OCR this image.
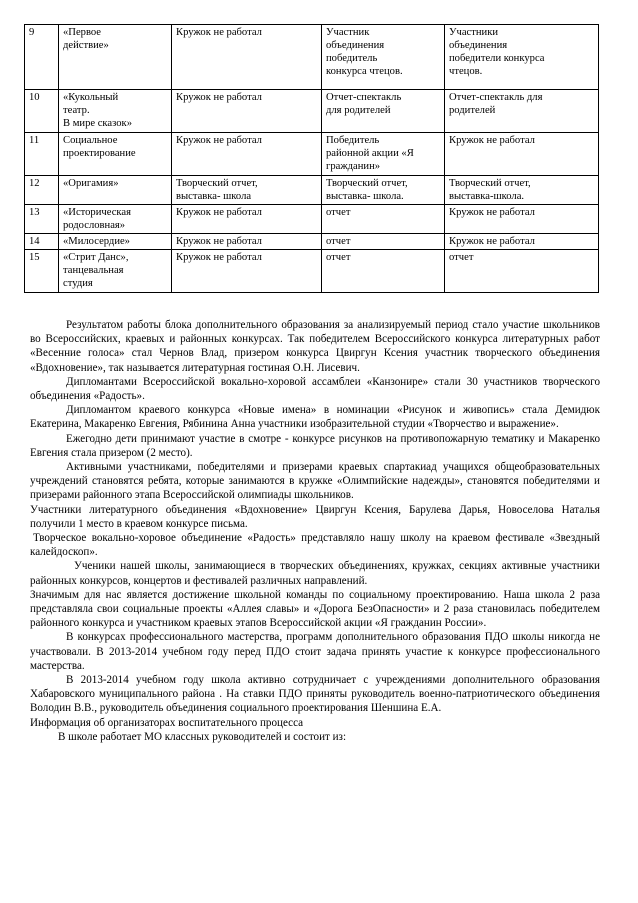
9	«Первое
действие»	Кружок не работал	Участник
объединения
победитель
конкурса чтецов.	Участники
объединения
победители конкурса
чтецов.
10	«Кукольный
театр.
В мире сказок»	Кружок не работал	Отчет-спектакль
для родителей	Отчет-спектакль для
родителей
11	Социальное
проектирование	Кружок не работал	Победитель
районной акции «Я
гражданин»	Кружок не работал
12	«Оригамия»	Творческий отчет,
выставка- школа	Творческий отчет,
выставка- школа.	Творческий отчет,
выставка-школа.
13	«Историческая
родословная»	Кружок не работал	отчет	Кружок не работал
14	«Милосердие»	Кружок не работал	отчет	Кружок не работал
15	«Стрит Данс»,
танцевальная
студия	Кружок не работал	отчет	отчет

Результатом работы блока дополнительного образования за анализируемый период стало участие школьников во Всероссийских, краевых и районных конкурсах. Так победителем Всероссийского конкурса литературных работ «Весенние голоса» стал Чернов Влад, призером конкурса Цвиргун Ксения участник творческого объединения «Вдохновение», так называется литературная гостиная О.Н. Лисевич.

Дипломантами Всероссийской вокально-хоровой ассамблеи «Канзонире» стали 30 участников творческого объединения «Радость».

Дипломантом краевого конкурса «Новые имена» в номинации «Рисунок и живопись» стала Демидюк Екатерина, Макаренко Евгения, Рябинина Анна участники изобразительной студии «Творчество и выражение».

Ежегодно дети принимают участие в смотре - конкурсе рисунков на противопожарную тематику и Макаренко Евгения стала призером (2 место).

Активными участниками, победителями и призерами краевых спартакиад учащихся общеобразовательных учреждений становятся ребята, которые занимаются в кружке «Олимпийские надежды», становятся победителями и призерами районного этапа Всероссийской олимпиады школьников.

Участники литературного объединения «Вдохновение» Цвиргун Ксения, Барулева Дарья, Новоселова Наталья получили 1 место в краевом конкурсе письма.

Творческое вокально-хоровое объединение «Радость» представляло нашу школу на краевом фестивале «Звездный калейдоскоп».

Ученики нашей школы, занимающиеся в творческих объединениях, кружках, секциях активные участники районных конкурсов, концертов и фестивалей различных направлений.

Значимым для нас является достижение школьной команды по социальному проектированию. Наша школа 2 раза представляла свои социальные проекты «Аллея славы» и «Дорога БезОпасности» и 2 раза становилась победителем районного конкурса и участником краевых этапов Всероссийской акции «Я гражданин России».

В конкурсах профессионального мастерства, программ дополнительного образования ПДО школы никогда не участвовали. В 2013-2014 учебном году перед ПДО стоит задача принять участие к конкурсе профессионального мастерства.

В 2013-2014 учебном году школа активно сотрудничает с учреждениями дополнительного образования Хабаровского муниципального района . На ставки ПДО приняты руководитель военно-патриотического объединения Володин В.В., руководитель объединения социального проектирования Шеншина Е.А.

Информация об организаторах воспитательного процесса

В школе работает МО классных руководителей и состоит из:
